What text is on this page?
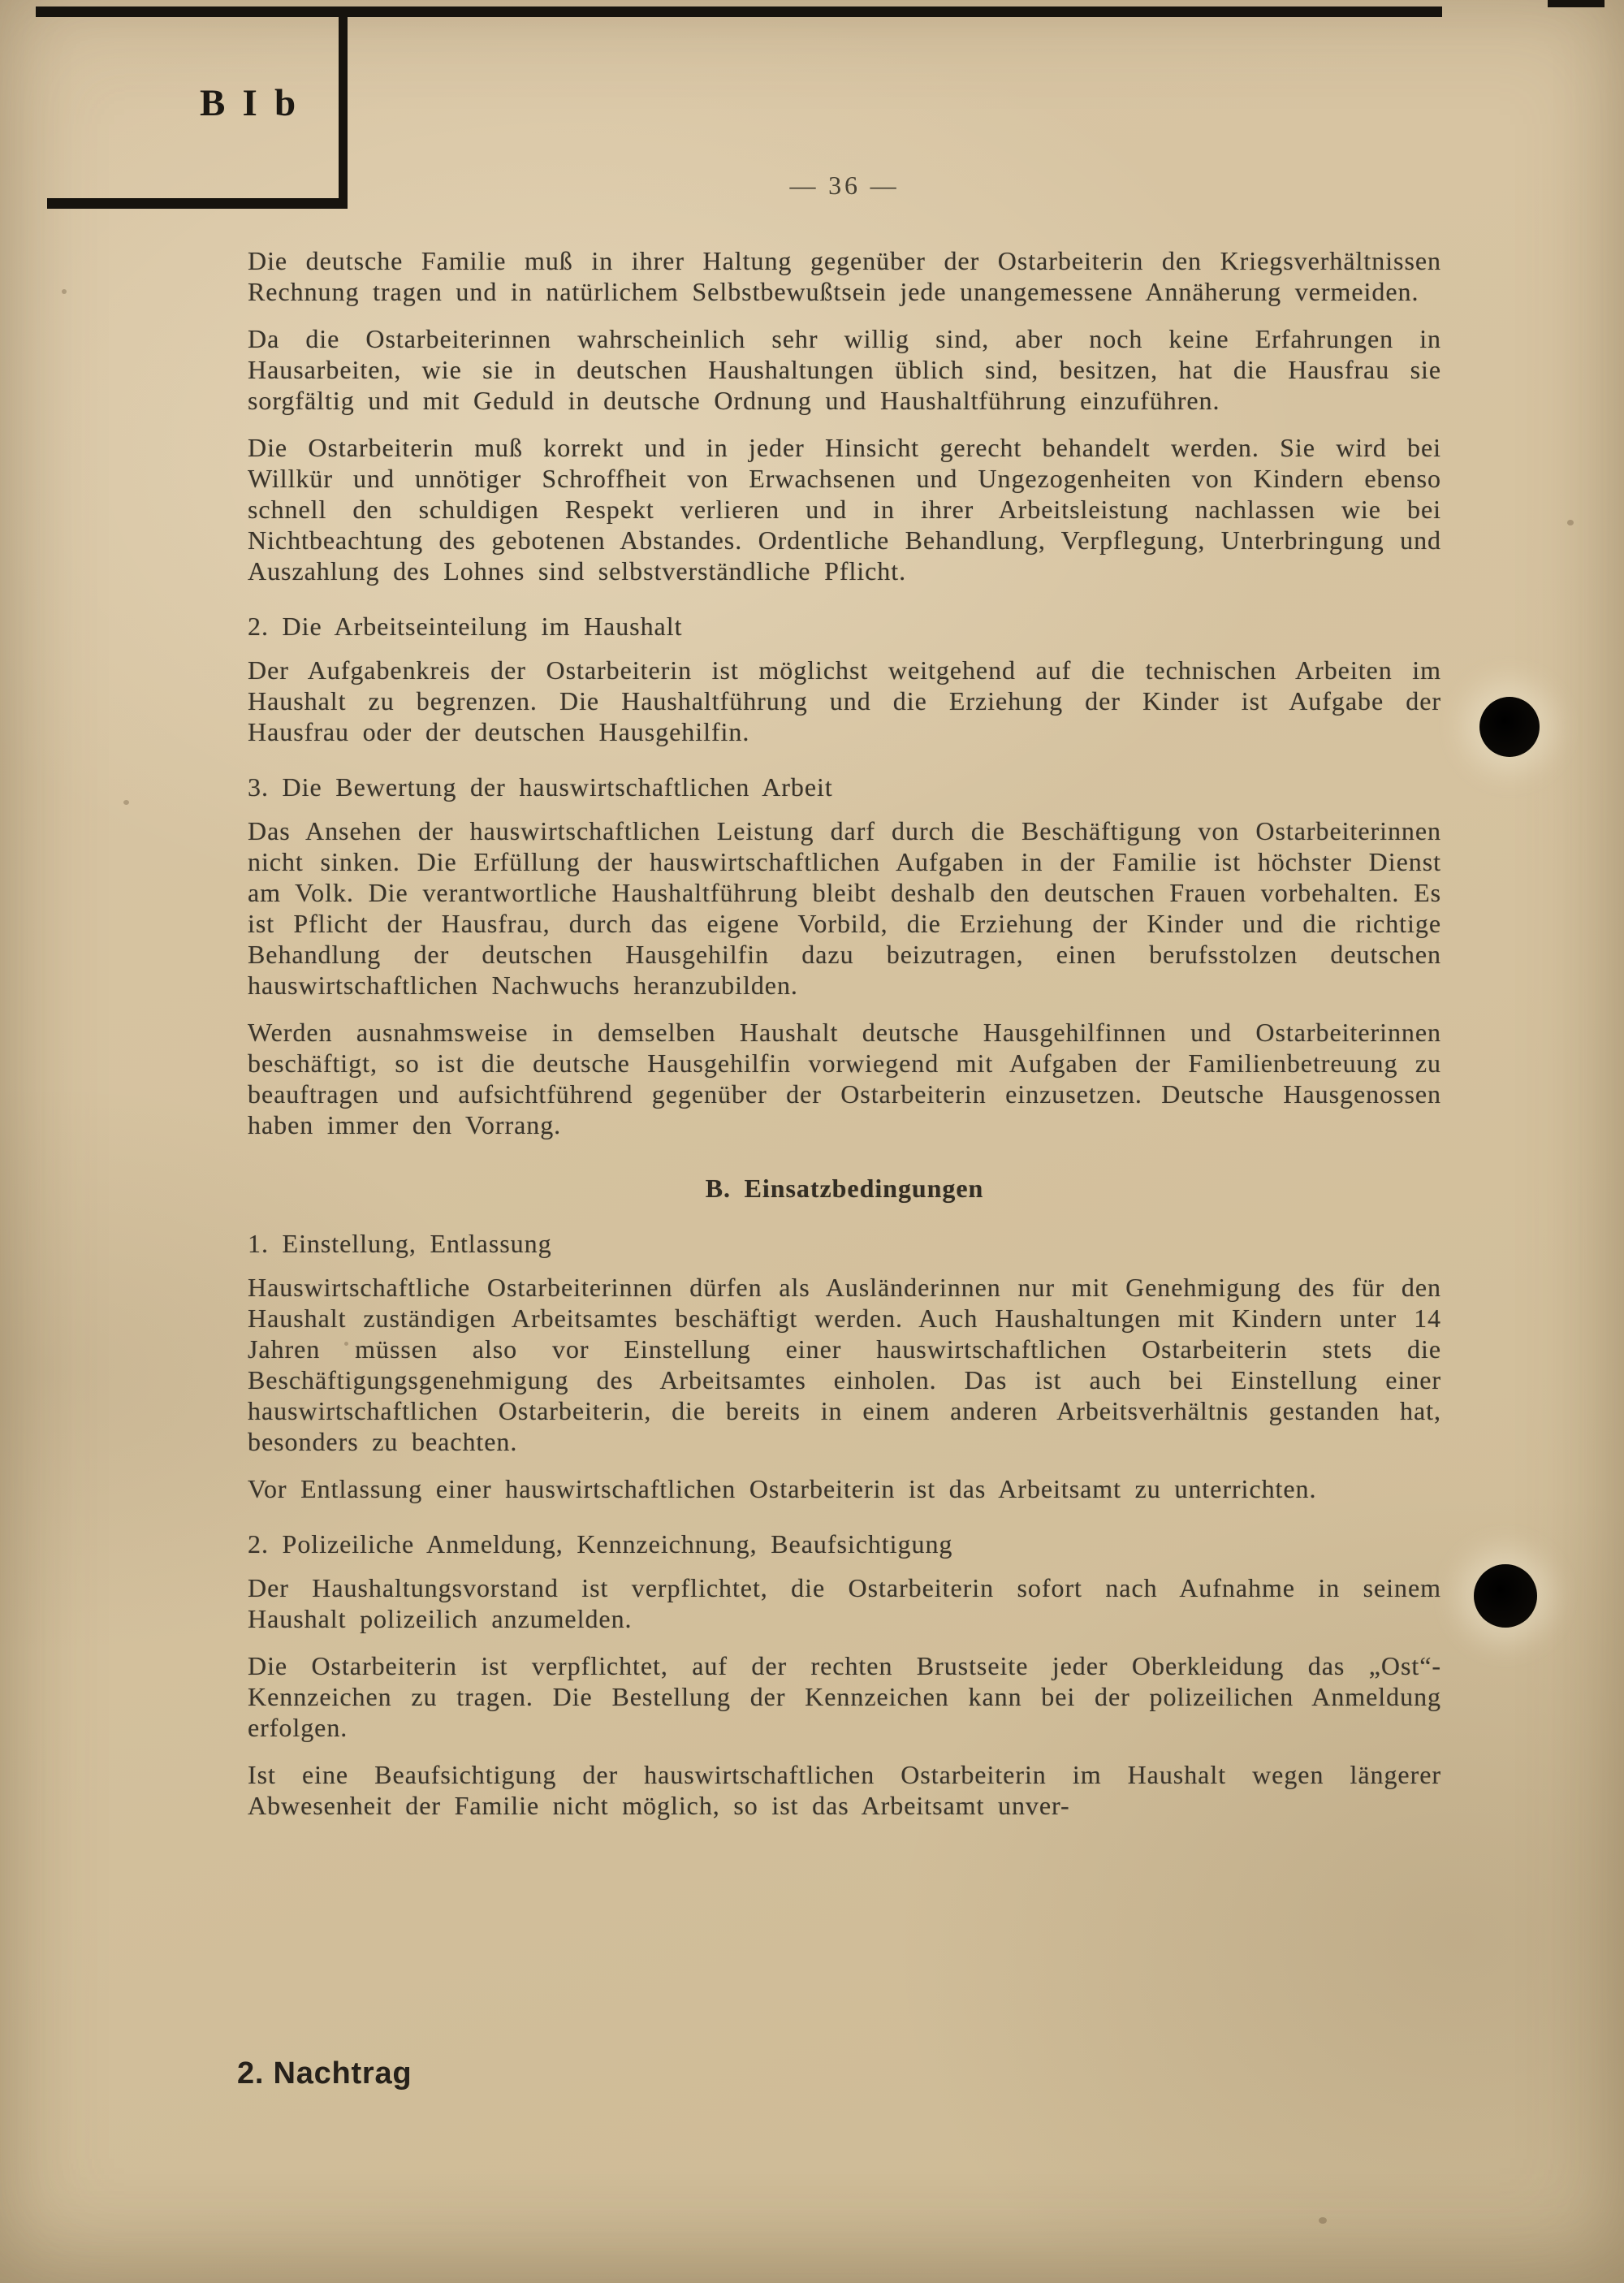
B I b
— 36 —

Die deutsche Familie muß in ihrer Haltung gegenüber der Ostarbeiterin den Kriegsverhältnissen Rechnung tragen und in natürlichem Selbstbewußtsein jede unangemessene Annäherung vermeiden.

Da die Ostarbeiterinnen wahrscheinlich sehr willig sind, aber noch keine Erfahrungen in Hausarbeiten, wie sie in deutschen Haushaltungen üblich sind, besitzen, hat die Hausfrau sie sorgfältig und mit Geduld in deutsche Ordnung und Haushaltführung einzuführen.

Die Ostarbeiterin muß korrekt und in jeder Hinsicht gerecht behandelt werden. Sie wird bei Willkür und unnötiger Schroffheit von Erwachsenen und Ungezogenheiten von Kindern ebenso schnell den schuldigen Respekt verlieren und in ihrer Arbeitsleistung nachlassen wie bei Nichtbeachtung des gebotenen Abstandes. Ordentliche Behandlung, Verpflegung, Unterbringung und Auszahlung des Lohnes sind selbstverständliche Pflicht.

2. Die Arbeitseinteilung im Haushalt

Der Aufgabenkreis der Ostarbeiterin ist möglichst weitgehend auf die technischen Arbeiten im Haushalt zu begrenzen. Die Haushaltführung und die Erziehung der Kinder ist Aufgabe der Hausfrau oder der deutschen Hausgehilfin.

3. Die Bewertung der hauswirtschaftlichen Arbeit

Das Ansehen der hauswirtschaftlichen Leistung darf durch die Beschäftigung von Ostarbeiterinnen nicht sinken. Die Erfüllung der hauswirtschaftlichen Aufgaben in der Familie ist höchster Dienst am Volk. Die verantwortliche Haushaltführung bleibt deshalb den deutschen Frauen vorbehalten. Es ist Pflicht der Hausfrau, durch das eigene Vorbild, die Erziehung der Kinder und die richtige Behandlung der deutschen Hausgehilfin dazu beizutragen, einen berufsstolzen deutschen hauswirtschaftlichen Nachwuchs heranzubilden.

Werden ausnahmsweise in demselben Haushalt deutsche Hausgehilfinnen und Ostarbeiterinnen beschäftigt, so ist die deutsche Hausgehilfin vorwiegend mit Aufgaben der Familienbetreuung zu beauftragen und aufsichtführend gegenüber der Ostarbeiterin einzusetzen. Deutsche Hausgenossen haben immer den Vorrang.

B. Einsatzbedingungen

1. Einstellung, Entlassung

Hauswirtschaftliche Ostarbeiterinnen dürfen als Ausländerinnen nur mit Genehmigung des für den Haushalt zuständigen Arbeitsamtes beschäftigt werden. Auch Haushaltungen mit Kindern unter 14 Jahren müssen also vor Einstellung einer hauswirtschaftlichen Ostarbeiterin stets die Beschäftigungsgenehmigung des Arbeitsamtes einholen. Das ist auch bei Einstellung einer hauswirtschaftlichen Ostarbeiterin, die bereits in einem anderen Arbeitsverhältnis gestanden hat, besonders zu beachten.

Vor Entlassung einer hauswirtschaftlichen Ostarbeiterin ist das Arbeitsamt zu unterrichten.

2. Polizeiliche Anmeldung, Kennzeichnung, Beaufsichtigung

Der Haushaltungsvorstand ist verpflichtet, die Ostarbeiterin sofort nach Aufnahme in seinem Haushalt polizeilich anzumelden.

Die Ostarbeiterin ist verpflichtet, auf der rechten Brustseite jeder Oberkleidung das „Ost“-Kennzeichen zu tragen. Die Bestellung der Kennzeichen kann bei der polizeilichen Anmeldung erfolgen.

Ist eine Beaufsichtigung der hauswirtschaftlichen Ostarbeiterin im Haushalt wegen längerer Abwesenheit der Familie nicht möglich, so ist das Arbeitsamt unver-

2. Nachtrag
